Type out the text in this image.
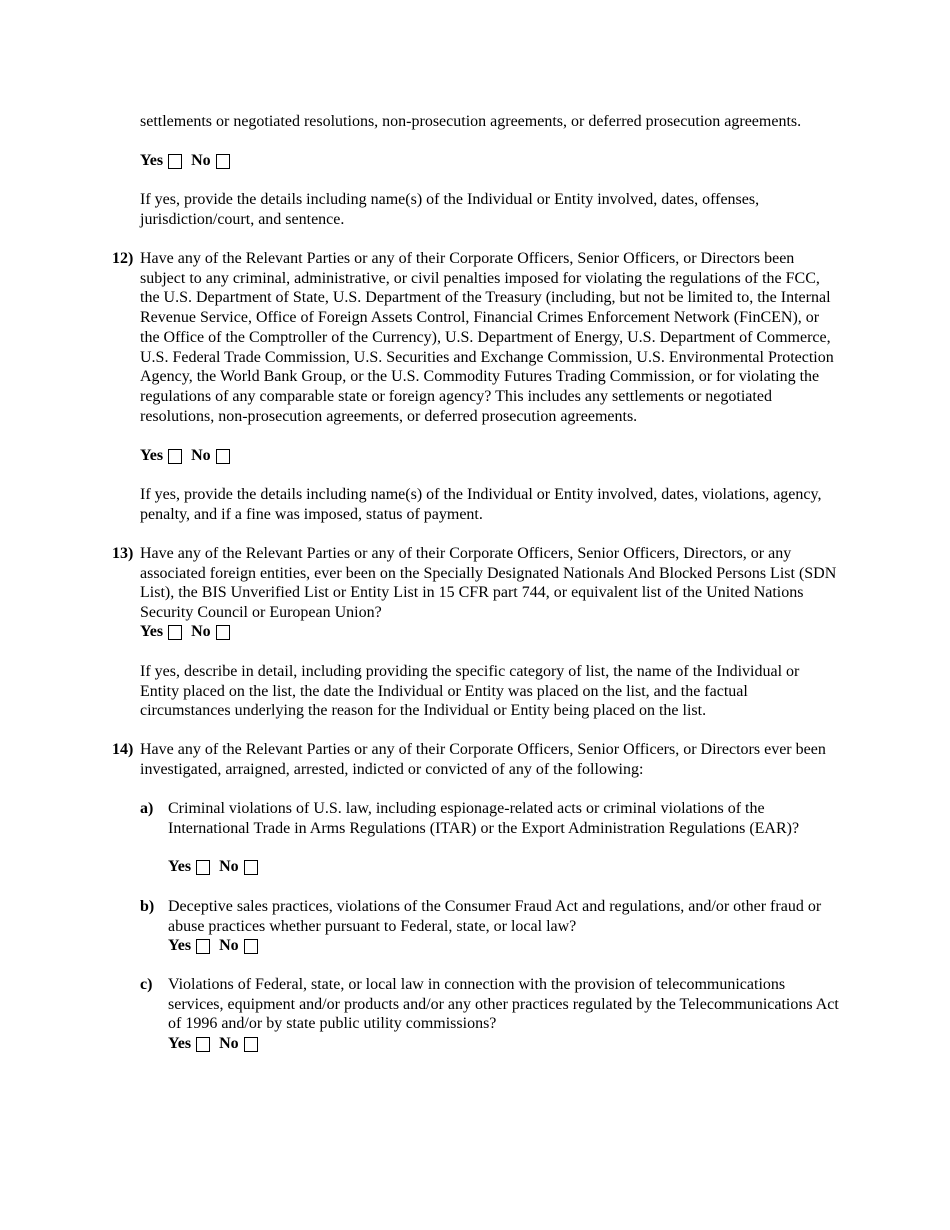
settlements or negotiated resolutions, non-prosecution agreements, or deferred prosecution agreements.

Yes No

If yes, provide the details including name(s) of the Individual or Entity involved, dates, offenses, jurisdiction/court, and sentence.

12) Have any of the Relevant Parties or any of their Corporate Officers, Senior Officers, or Directors been subject to any criminal, administrative, or civil penalties imposed for violating the regulations of the FCC, the U.S. Department of State, U.S. Department of the Treasury (including, but not be limited to, the Internal Revenue Service, Office of Foreign Assets Control, Financial Crimes Enforcement Network (FinCEN), or the Office of the Comptroller of the Currency), U.S. Department of Energy, U.S. Department of Commerce, U.S. Federal Trade Commission, U.S. Securities and Exchange Commission, U.S. Environmental Protection Agency, the World Bank Group, or the U.S. Commodity Futures Trading Commission, or for violating the regulations of any comparable state or foreign agency? This includes any settlements or negotiated resolutions, non-prosecution agreements, or deferred prosecution agreements.

Yes No

If yes, provide the details including name(s) of the Individual or Entity involved, dates, violations, agency, penalty, and if a fine was imposed, status of payment.

13) Have any of the Relevant Parties or any of their Corporate Officers, Senior Officers, Directors, or any associated foreign entities, ever been on the Specially Designated Nationals And Blocked Persons List (SDN List), the BIS Unverified List or Entity List in 15 CFR part 744, or equivalent list of the United Nations Security Council or European Union?

Yes No

If yes, describe in detail, including providing the specific category of list, the name of the Individual or Entity placed on the list, the date the Individual or Entity was placed on the list, and the factual circumstances underlying the reason for the Individual or Entity being placed on the list.

14) Have any of the Relevant Parties or any of their Corporate Officers, Senior Officers, or Directors ever been investigated, arraigned, arrested, indicted or convicted of any of the following:

a) Criminal violations of U.S. law, including espionage-related acts or criminal violations of the International Trade in Arms Regulations (ITAR) or the Export Administration Regulations (EAR)?

Yes No
b) Deceptive sales practices, violations of the Consumer Fraud Act and regulations, and/or other fraud or abuse practices whether pursuant to Federal, state, or local law?

Yes No
c) Violations of Federal, state, or local law in connection with the provision of telecommunications services, equipment and/or products and/or any other practices regulated by the Telecommunications Act of 1996 and/or by state public utility commissions?

Yes No
